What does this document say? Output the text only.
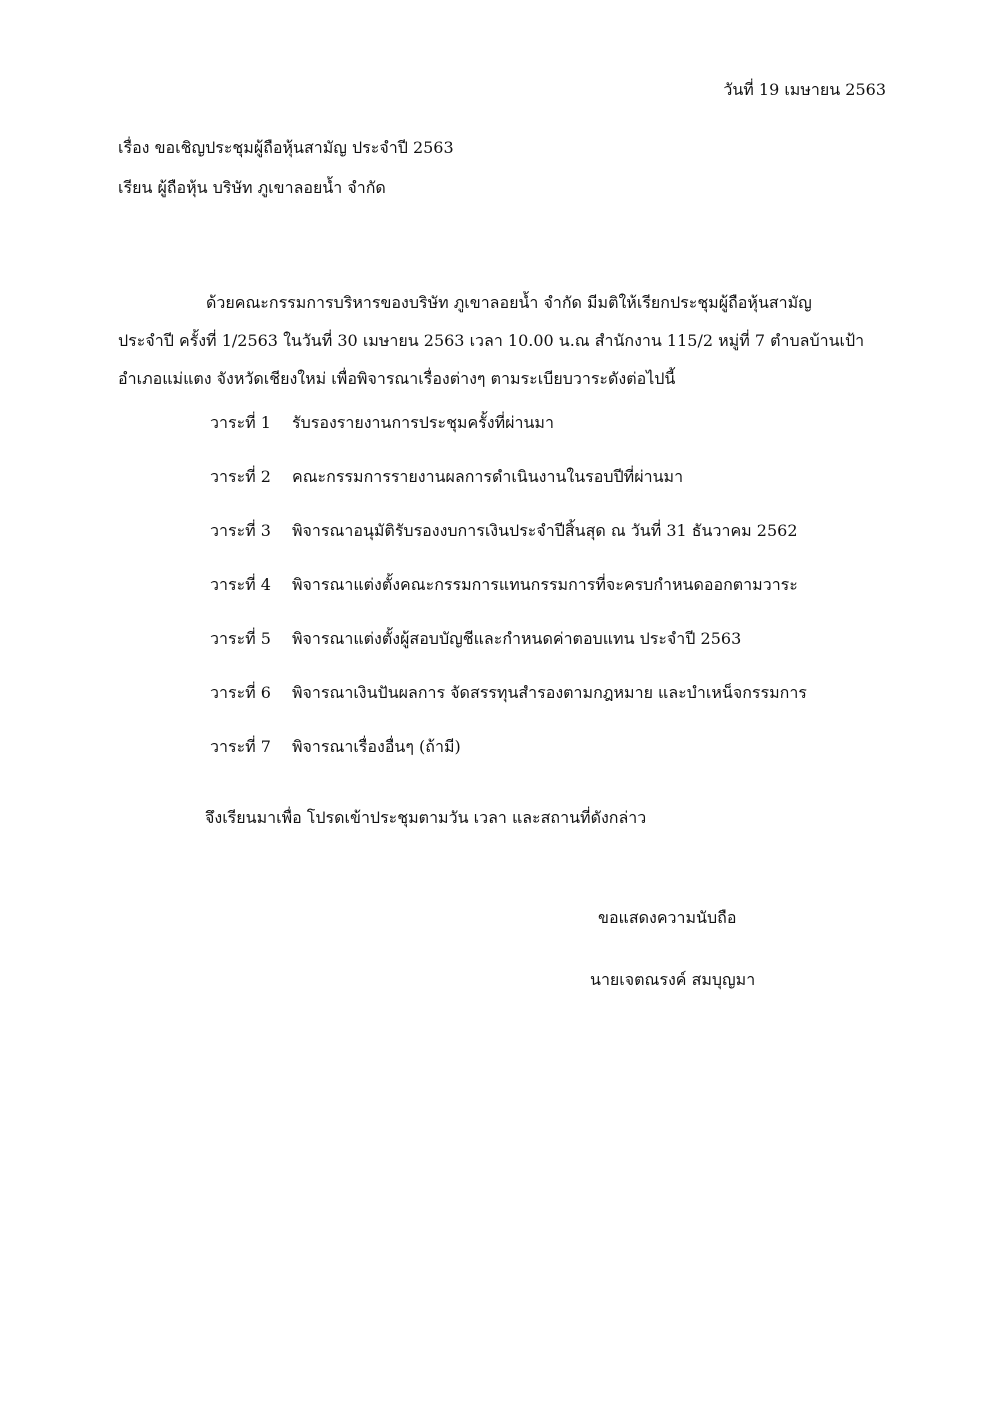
วันที่ 19 เมษายน 2563
เรื่อง ขอเชิญประชุมผู้ถือหุ้นสามัญ ประจำปี 2563
เรียน ผู้ถือหุ้น บริษัท ภูเขาลอยน้ำ จำกัด
ด้วยคณะกรรมการบริหารของบริษัท ภูเขาลอยน้ำ จำกัด มีมติให้เรียกประชุมผู้ถือหุ้นสามัญ
ประจำปี ครั้งที่ 1/2563 ในวันที่ 30 เมษายน 2563 เวลา 10.00 น.ณ สำนักงาน 115/2 หมู่ที่ 7 ตำบลบ้านเป้า
อำเภอแม่แตง จังหวัดเชียงใหม่ เพื่อพิจารณาเรื่องต่างๆ ตามระเบียบวาระดังต่อไปนี้
วาระที่ 1 รับรองรายงานการประชุมครั้งที่ผ่านมา
วาระที่ 2 คณะกรรมการรายงานผลการดำเนินงานในรอบปีที่ผ่านมา
วาระที่ 3 พิจารณาอนุมัติรับรองงบการเงินประจำปีสิ้นสุด ณ วันที่ 31 ธันวาคม 2562
วาระที่ 4 พิจารณาแต่งตั้งคณะกรรมการแทนกรรมการที่จะครบกำหนดออกตามวาระ
วาระที่ 5 พิจารณาแต่งตั้งผู้สอบบัญชีและกำหนดค่าตอบแทน ประจำปี 2563
วาระที่ 6 พิจารณาเงินปันผลการ จัดสรรทุนสำรองตามกฎหมาย และบำเหน็จกรรมการ
วาระที่ 7 พิจารณาเรื่องอื่นๆ (ถ้ามี)
จึงเรียนมาเพื่อ โปรดเข้าประชุมตามวัน เวลา และสถานที่ดังกล่าว
ขอแสดงความนับถือ
นายเจตณรงค์ สมบุญมา
